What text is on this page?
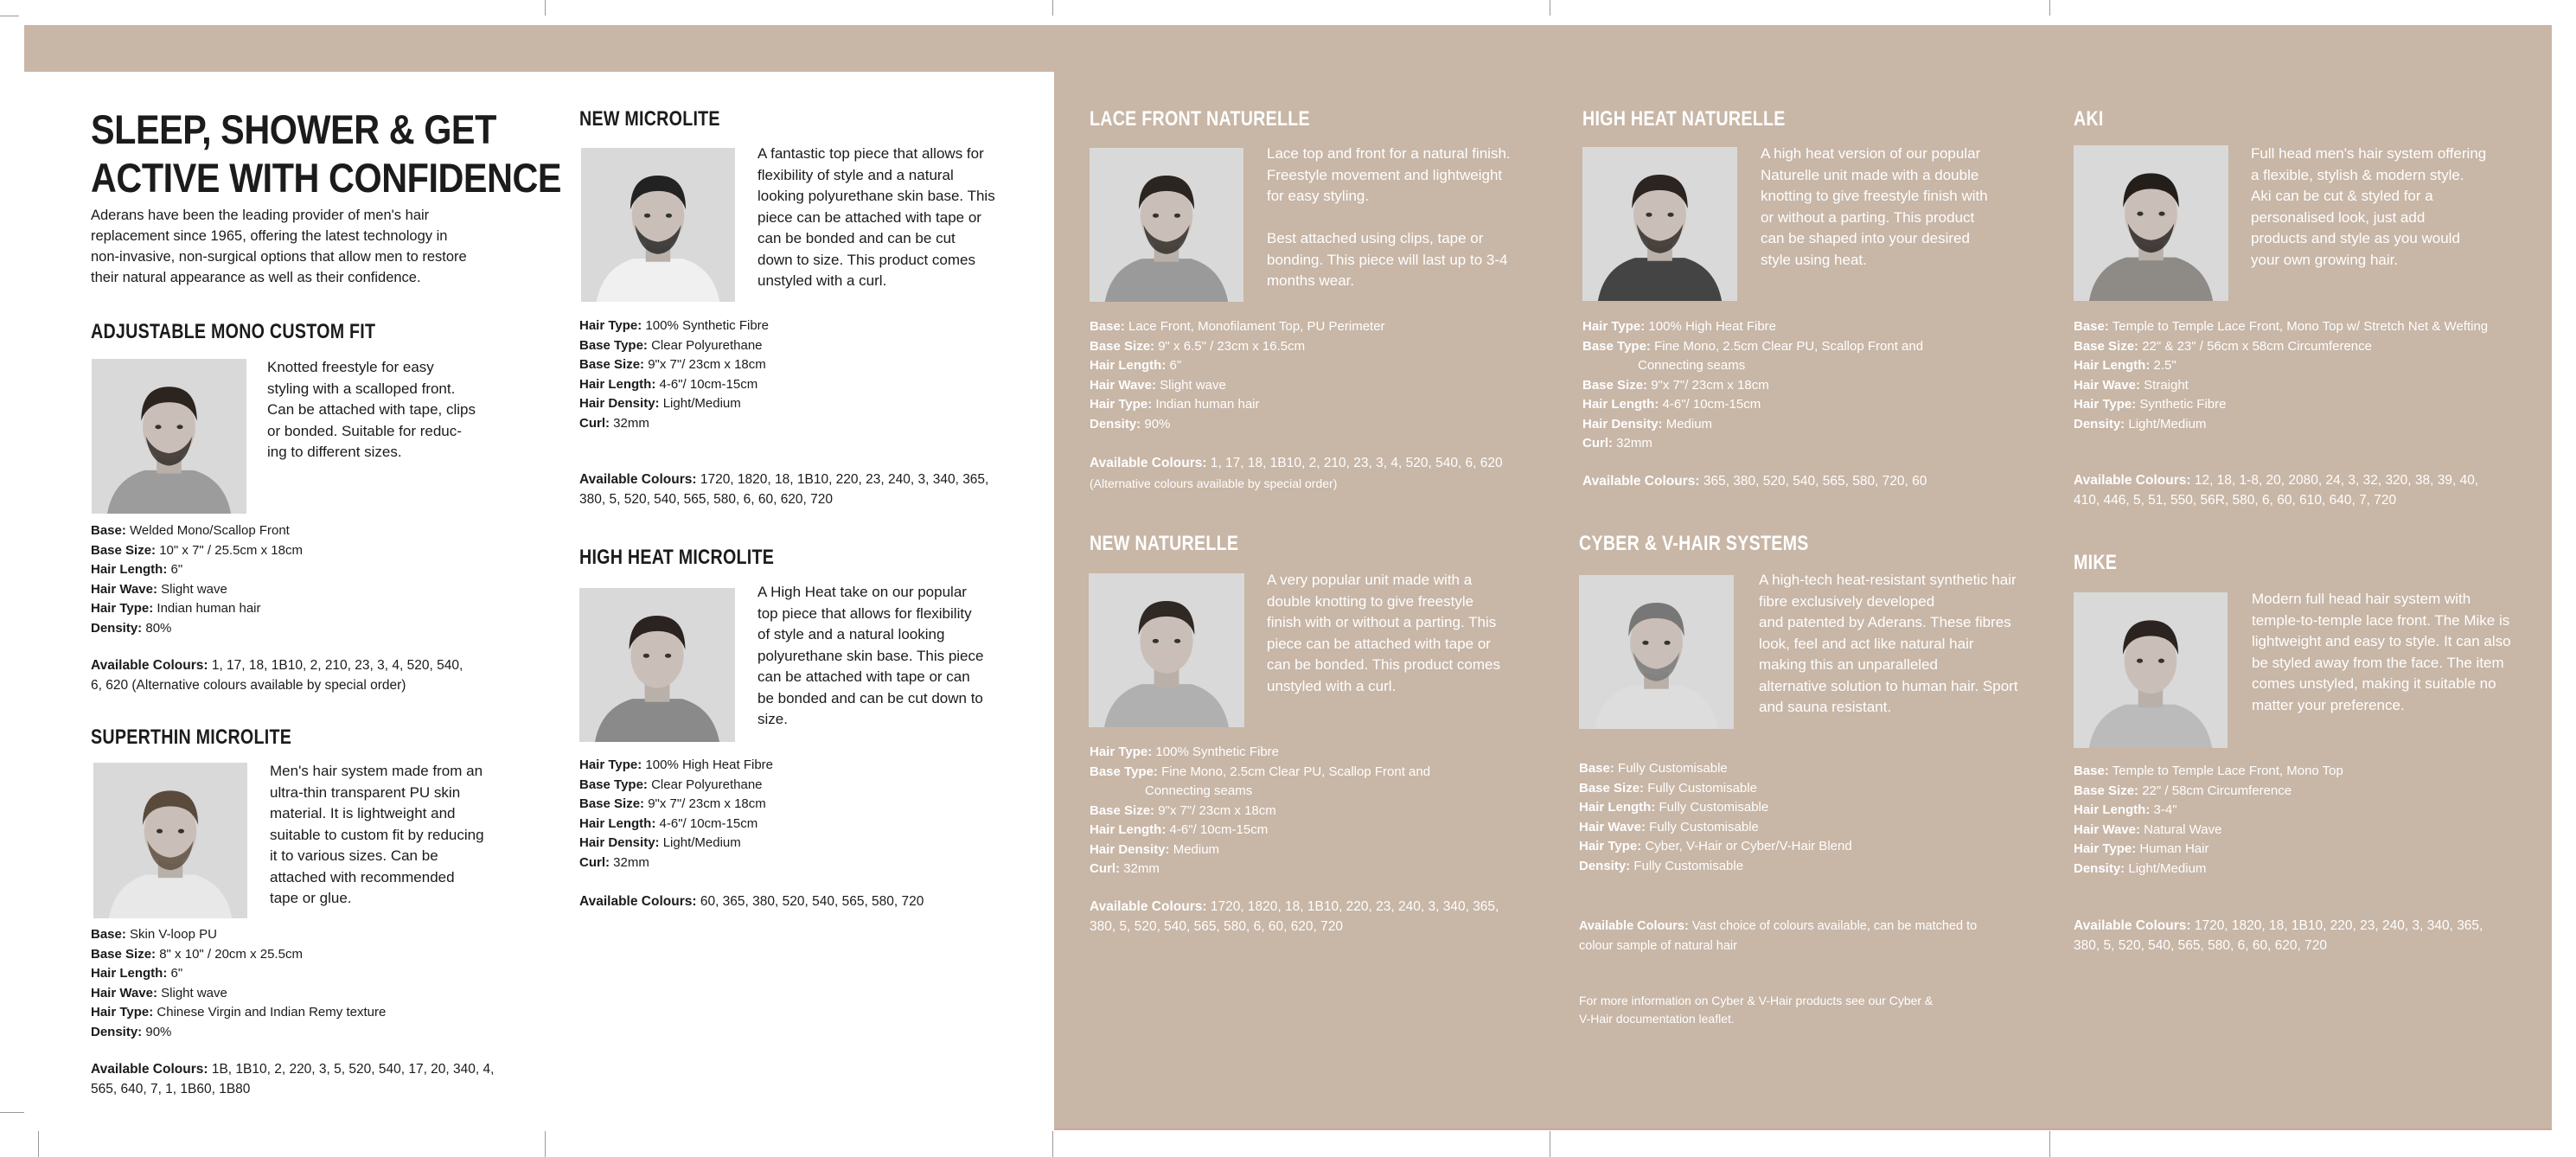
SLEEP, SHOWER & GET
ACTIVE WITH CONFIDENCE
Aderans have been the leading provider of men's hair
replacement since 1965, offering the latest technology in
non-invasive, non-surgical options that allow men to restore
their natural appearance as well as their confidence.
ADJUSTABLE MONO CUSTOM FIT
Knotted freestyle for easy
styling with a scalloped front.
Can be attached with tape, clips
or bonded. Suitable for reduc-
ing to different sizes.
Base: Welded Mono/Scallop Front
Base Size: 10" x 7" / 25.5cm x 18cm
Hair Length: 6"
Hair Wave: Slight wave
Hair Type: Indian human hair
Density: 80%
Available Colours: 1, 17, 18, 1B10, 2, 210, 23, 3, 4, 520, 540,
6, 620 (Alternative colours available by special order)
SUPERTHIN MICROLITE
Men's hair system made from an
ultra-thin transparent PU skin
material. It is lightweight and
suitable to custom fit by reducing
it to various sizes. Can be
attached with recommended
tape or glue.
Base: Skin V-loop PU
Base Size: 8" x 10" / 20cm x 25.5cm
Hair Length: 6"
Hair Wave: Slight wave
Hair Type: Chinese Virgin and Indian Remy texture
Density: 90%
Available Colours: 1B, 1B10, 2, 220, 3, 5, 520, 540, 17, 20, 340, 4,
565, 640, 7, 1, 1B60, 1B80
NEW MICROLITE
A fantastic top piece that allows for
flexibility of style and a natural
looking polyurethane skin base. This
piece can be attached with tape or
can be bonded and can be cut
down to size. This product comes
unstyled with a curl.
Hair Type: 100% Synthetic Fibre
Base Type: Clear Polyurethane
Base Size: 9"x 7"/ 23cm x 18cm
Hair Length: 4-6"/ 10cm-15cm
Hair Density: Light/Medium
Curl: 32mm
Available Colours: 1720, 1820, 18, 1B10, 220, 23, 240, 3, 340, 365,
380, 5, 520, 540, 565, 580, 6, 60, 620, 720
HIGH HEAT MICROLITE
A High Heat take on our popular
top piece that allows for flexibility
of style and a natural looking
polyurethane skin base. This piece
can be attached with tape or can
be bonded and can be cut down to
size.
Hair Type: 100% High Heat Fibre
Base Type: Clear Polyurethane
Base Size: 9"x 7"/ 23cm x 18cm
Hair Length: 4-6"/ 10cm-15cm
Hair Density: Light/Medium
Curl: 32mm
Available Colours: 60, 365, 380, 520, 540, 565, 580, 720
LACE FRONT NATURELLE
Lace top and front for a natural finish.
Freestyle movement and lightweight
for easy styling.
Best attached using clips, tape or
bonding. This piece will last up to 3-4
months wear.
Base: Lace Front, Monofilament Top, PU Perimeter
Base Size: 9" x 6.5" / 23cm x 16.5cm
Hair Length: 6"
Hair Wave: Slight wave
Hair Type: Indian human hair
Density: 90%
Available Colours: 1, 17, 18, 1B10, 2, 210, 23, 3, 4, 520, 540, 6, 620
(Alternative colours available by special order)
NEW NATURELLE
A very popular unit made with a
double knotting to give freestyle
finish with or without a parting. This
piece can be attached with tape or
can be bonded. This product comes
unstyled with a curl.
Hair Type: 100% Synthetic Fibre
Base Type: Fine Mono, 2.5cm Clear PU, Scallop Front and
Connecting seams
Base Size: 9"x 7"/ 23cm x 18cm
Hair Length: 4-6"/ 10cm-15cm
Hair Density: Medium
Curl: 32mm
Available Colours: 1720, 1820, 18, 1B10, 220, 23, 240, 3, 340, 365,
380, 5, 520, 540, 565, 580, 6, 60, 620, 720
HIGH HEAT NATURELLE
A high heat version of our popular
Naturelle unit made with a double
knotting to give freestyle finish with
or without a parting. This product
can be shaped into your desired
style using heat.
Hair Type: 100% High Heat Fibre
Base Type: Fine Mono, 2.5cm Clear PU, Scallop Front and
Connecting seams
Base Size: 9"x 7"/ 23cm x 18cm
Hair Length: 4-6"/ 10cm-15cm
Hair Density: Medium
Curl: 32mm
Available Colours: 365, 380, 520, 540, 565, 580, 720, 60
CYBER & V-HAIR SYSTEMS
A high-tech heat-resistant synthetic hair
fibre exclusively developed
and patented by Aderans. These fibres
look, feel and act like natural hair
making this an unparalleled
alternative solution to human hair. Sport
and sauna resistant.
Base: Fully Customisable
Base Size: Fully Customisable
Hair Length: Fully Customisable
Hair Wave: Fully Customisable
Hair Type: Cyber, V-Hair or Cyber/V-Hair Blend
Density: Fully Customisable
Available Colours: Vast choice of colours available, can be matched to
colour sample of natural hair
For more information on Cyber & V-Hair products see our Cyber &
V-Hair documentation leaflet.
AKI
Full head men's hair system offering
a flexible, stylish & modern style.
Aki can be cut & styled for a
personalised look, just add
products and style as you would
your own growing hair.
Base: Temple to Temple Lace Front, Mono Top w/ Stretch Net & Wefting
Base Size: 22" & 23" / 56cm x 58cm Circumference
Hair Length: 2.5"
Hair Wave: Straight
Hair Type: Synthetic Fibre
Density: Light/Medium
Available Colours: 12, 18, 1-8, 20, 2080, 24, 3, 32, 320, 38, 39, 40,
410, 446, 5, 51, 550, 56R, 580, 6, 60, 610, 640, 7, 720
MIKE
Modern full head hair system with
temple-to-temple lace front. The Mike is
lightweight and easy to style. It can also
be styled away from the face. The item
comes unstyled, making it suitable no
matter your preference.
Base: Temple to Temple Lace Front, Mono Top
Base Size: 22" / 58cm Circumference
Hair Length: 3-4"
Hair Wave: Natural Wave
Hair Type: Human Hair
Density: Light/Medium
Available Colours: 1720, 1820, 18, 1B10, 220, 23, 240, 3, 340, 365,
380, 5, 520, 540, 565, 580, 6, 60, 620, 720
